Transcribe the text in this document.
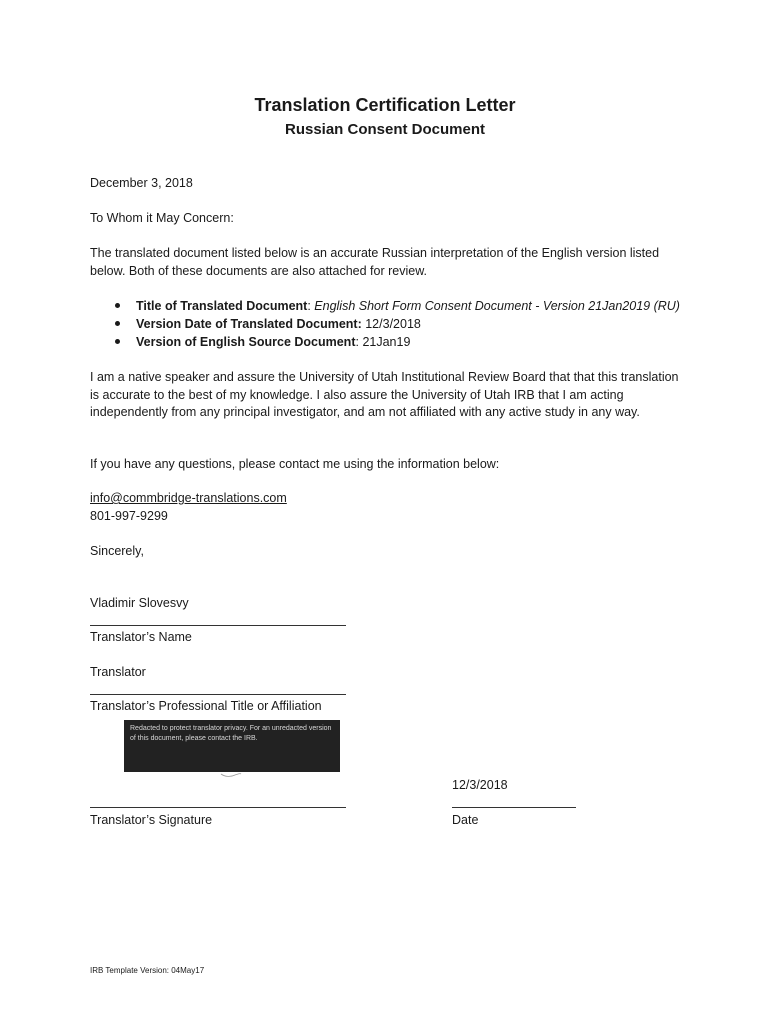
Translation Certification Letter
Russian Consent Document
December 3, 2018
To Whom it May Concern:
The translated document listed below is an accurate Russian interpretation of the English version listed below. Both of these documents are also attached for review.
Title of Translated Document: English Short Form Consent Document - Version 21Jan2019 (RU)
Version Date of Translated Document: 12/3/2018
Version of English Source Document: 21Jan19
I am a native speaker and assure the University of Utah Institutional Review Board that that this translation is accurate to the best of my knowledge. I also assure the University of Utah IRB that I am acting independently from any principal investigator, and am not affiliated with any active study in any way.
If you have any questions, please contact me using the information below:
info@commbridge-translations.com
801-997-9299
Sincerely,
Vladimir Slovesvy
Translator’s Name
Translator
Translator’s Professional Title or Affiliation
Redacted to protect translator privacy. For an unredacted version of this document, please contact the IRB.
12/3/2018
Translator’s Signature	Date
IRB Template Version: 04May17
